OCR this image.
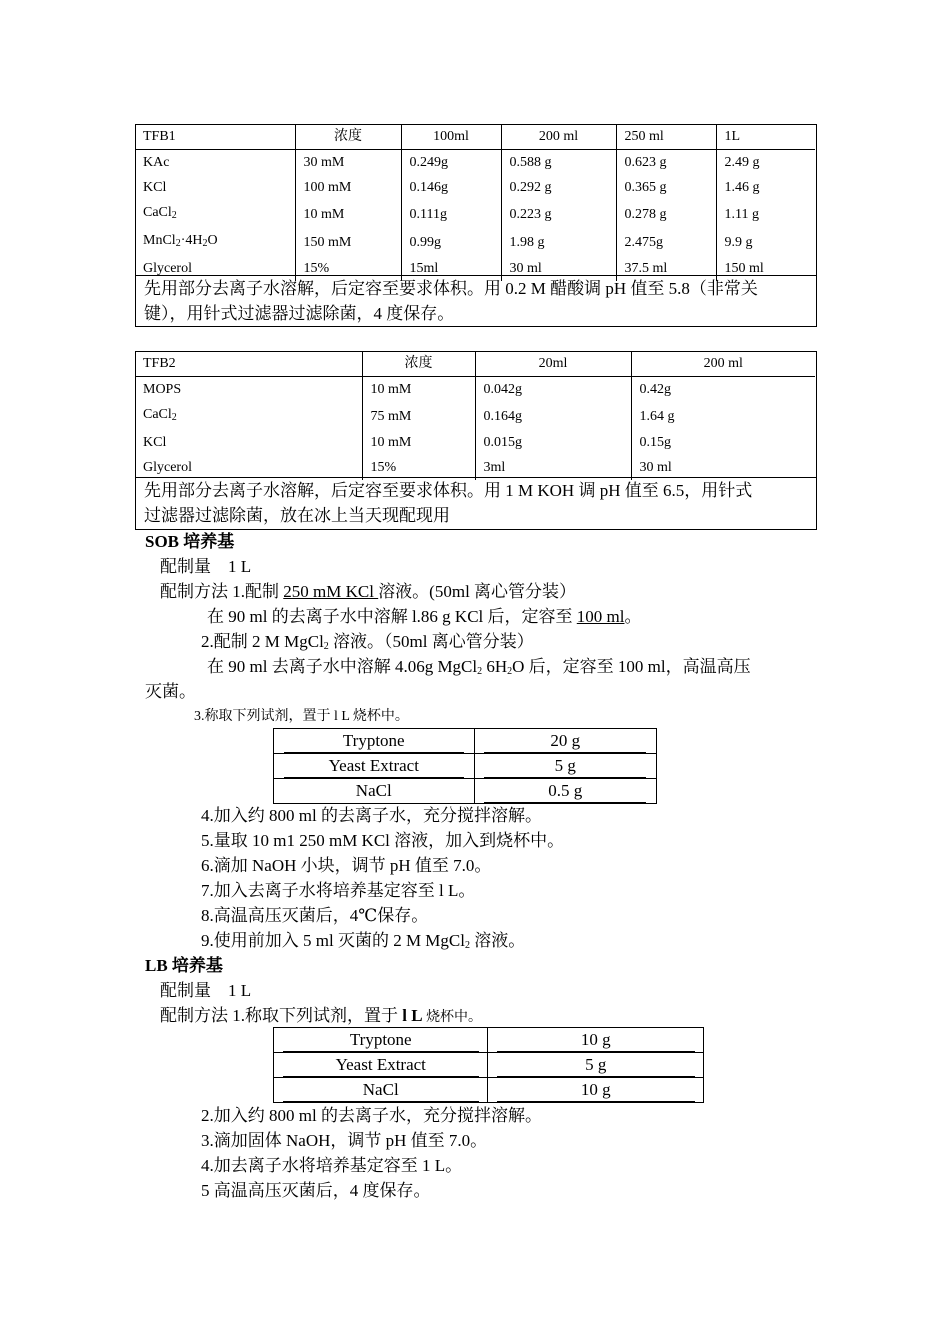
TFB1	浓度	100ml	200 ml	250 ml	1L
KAc	30 mM	0.249g	0.588 g	0.623 g	2.49 g
KCl	100 mM	0.146g	0.292 g	0.365 g	1.46 g
CaCl$_2$	10 mM	0.111g	0.223 g	0.278 g	1.11 g
$MnCl_2\cdot 4H_2O$	150 mM	0.99g	1.98 g	2.475g	9.9 g
Glycerol	15%	15ml	30 ml	37.5 ml	150 ml
先用部分去离子水溶解，后定容至要求体积。用 0.2 M 醋酸调 pH 值至 5.8（非常关
键），用针式过滤器过滤除菌，4 度保存。
TFB2	浓度	20ml	200 ml
MOPS	10 mM	0.042g	0.42g
CaCl$_2$	75 mM	0.164g	1.64 g
KCl	10 mM	0.015g	0.15g
Glycerol	15%	3ml	30 ml
先用部分去离子水溶解，后定容至要求体积。用 1 M KOH 调 pH 值至 6.5，用针式
过滤器过滤除菌，放在冰上当天现配现用
SOB 培养基
配制量　1 L
配制方法 1.配制 250 mM KCl 溶液。(50ml 离心管分装）
在 90 ml 的去离子水中溶解 l.86 g KCl 后，定容至 100 ml。
2.配制 2 M MgCl$_2$ 溶液。（50ml 离心管分装）
在 90 ml 去离子水中溶解 4.06g MgCl$_2$ $6H_2O$ 后，定容至 100 ml，高温高压
灭菌。
3.称取下列试剂，置于 l L 烧杯中。
Tryptone	20 g
Yeast Extract	5 g
NaCl	0.5 g
4.加入约 800 ml 的去离子水，充分搅拌溶解。
5.量取 10 m1 250 mM KCl 溶液，加入到烧杯中。
6.滴加 NaOH 小块，调节 pH 值至 7.0。
7.加入去离子水将培养基定容至 l L。
8.高温高压灭菌后，4℃保存。
9.使用前加入 5 ml 灭菌的 2 M MgCl$_2$ 溶液。
LB 培养基
配制量　1 L
配制方法 1.称取下列试剂，置于 l L 烧杯中。
Tryptone	10 g
Yeast Extract	5 g
NaCl	10 g
2.加入约 800 ml 的去离子水，充分搅拌溶解。
3.滴加固体 NaOH，调节 pH 值至 7.0。
4.加去离子水将培养基定容至 1 L。
5 高温高压灭菌后，4 度保存。
